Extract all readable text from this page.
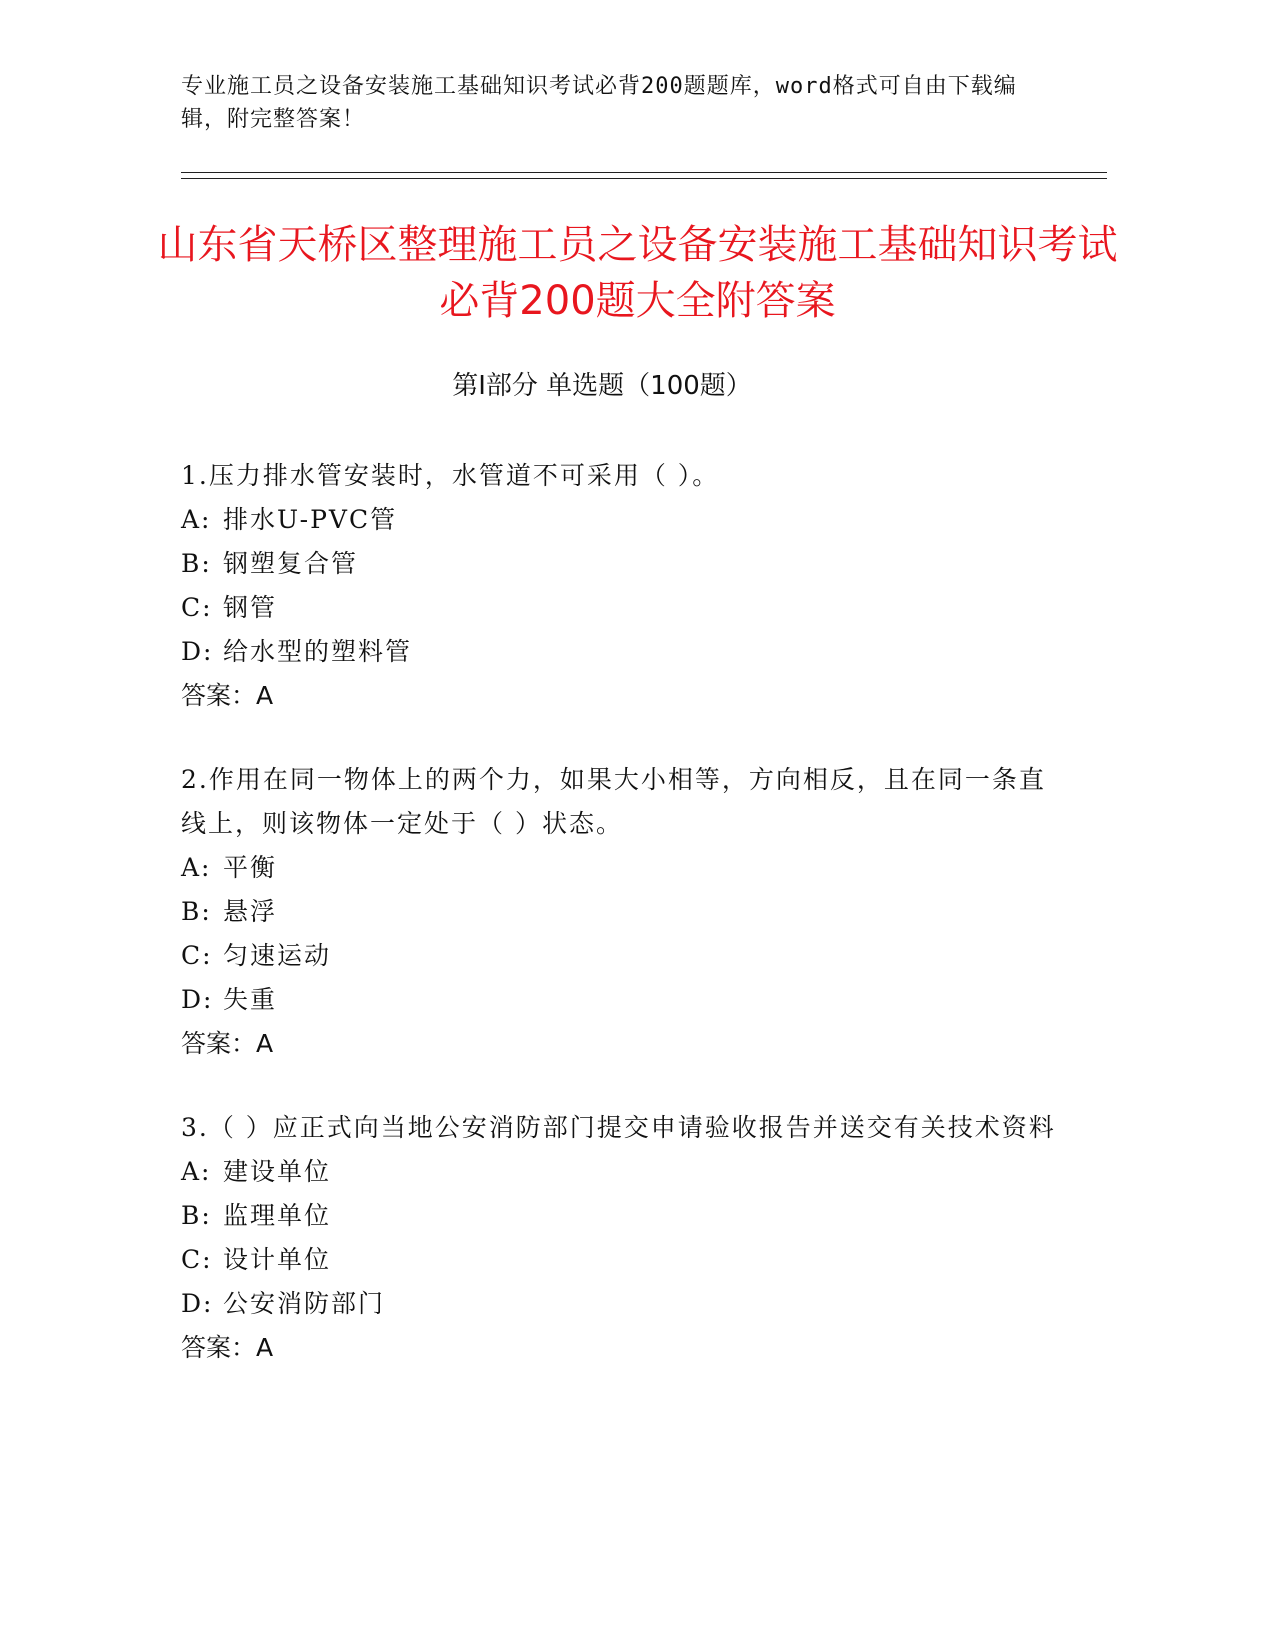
专业施工员之设备安装施工基础知识考试必背200题题库，word格式可自由下载编辑，附完整答案！
山东省天桥区整理施工员之设备安装施工基础知识考试必背200题大全附答案
第I部分 单选题（100题）

1.压力排水管安装时，水管道不可采用（ ）。

A: 排水U-PVC管

B: 钢塑复合管

C: 钢管

D: 给水型的塑料管

答案：A

2.作用在同一物体上的两个力，如果大小相等，方向相反，且在同一条直线上，则该物体一定处于（ ）状态。

A: 平衡

B: 悬浮

C: 匀速运动

D: 失重

答案：A

3.（ ）应正式向当地公安消防部门提交申请验收报告并送交有关技术资料

A: 建设单位

B: 监理单位

C: 设计单位

D: 公安消防部门

答案：A
